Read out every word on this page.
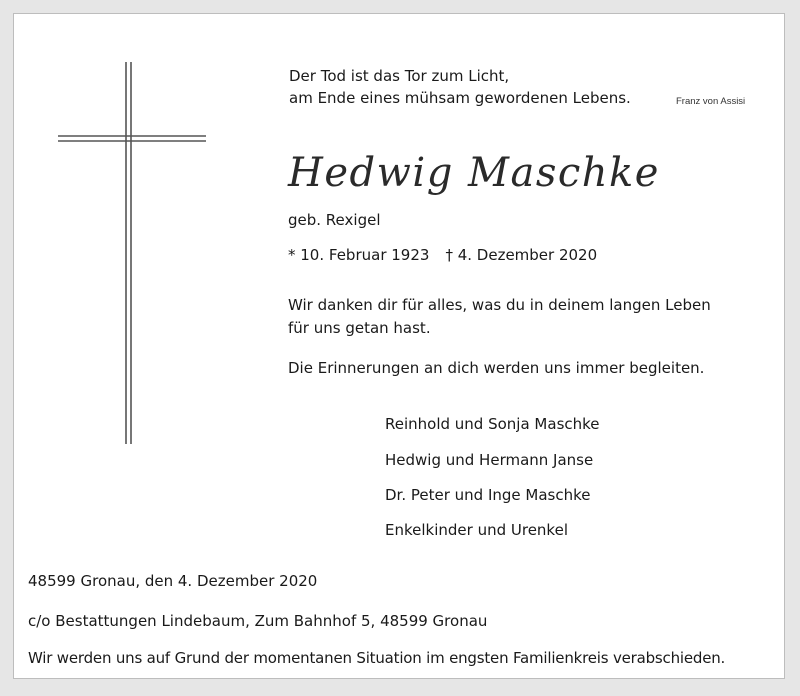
Der Tod ist das Tor zum Licht,
am Ende eines mühsam gewordenen Lebens.	Franz von Assisi
Hedwig Maschke
geb. Rexigel
* 10. Februar 1923 † 4. Dezember 2020
Wir danken dir für alles, was du in deinem langen Leben
für uns getan hast.
Die Erinnerungen an dich werden uns immer begleiten.
Reinhold und Sonja Maschke
Hedwig und Hermann Janse
Dr. Peter und Inge Maschke
Enkelkinder und Urenkel
48599 Gronau, den 4. Dezember 2020
c/o Bestattungen Lindebaum, Zum Bahnhof 5, 48599 Gronau
Wir werden uns auf Grund der momentanen Situation im engsten Familienkreis verabschieden.
